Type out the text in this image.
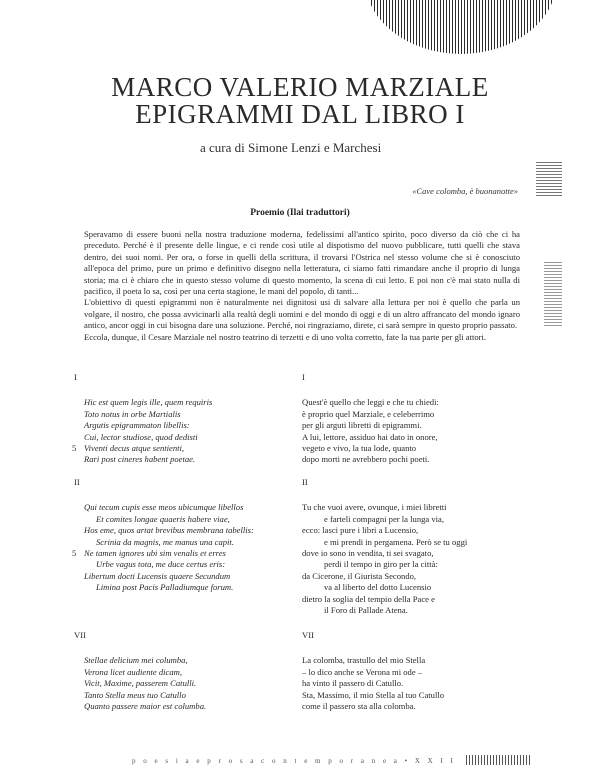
MARCO VALERIO MARZIALE
EPIGRAMMI DAL LIBRO I
a cura di Simone Lenzi e Marchesi
«Cave colomba, è buonanotte»
Proemio (Ilai traduttori)

Speravamo di essere buoni nella nostra traduzione moderna, fedelissimi all'antico spirito, poco diverso da ciò che ci ha preceduto. Perché è il presente delle lingue, e ci rende così utile al dispotismo del nuovo pubblicare, tutti quelli che stava dentro, dei suoi nomi. Per ora, o forse in quelli della scrittura, il trovarsi l'Ostrica nel stesso volume che si è conosciuto all'epoca del primo, pure un primo e definitivo disegno nella letteratura, ci siamo fatti rimandare anche il proprio di lunga storia; ma ci è chiaro che in questo stesso volume di questo momento, la scena di cui letto. E poi non c'è mai stato nulla di pacifico, il poeta lo sa, così per una certa stagione, le mani del popolo, di tanti...

L'obiettivo di questi epigrammi non è naturalmente nei dignitosi usi di salvare alla lettura per noi è quello che parla un volgare, il nostro, che possa avvicinarli alla realtà degli uomini e del mondo di oggi e di un altro affrancato del mondo ignaro antico, ancor oggi in cui bisogna dare una soluzione. Perché, noi ringraziamo, direte, ci sarà sempre in questo proprio passato.

Eccola, dunque, il Cesare Marziale nel nostro teatrino di terzetti e di uno volta corretto, fate la tua parte per gli attori.

I
Hic est quem legis ille, quem requiris
Toto notus in orbe Martialis
Argutis epigrammaton libellis:
Cui, lector studiose, quod dedisti
5 Viventi decus atque sentienti,
Rari post cineres habent poetae.
I
Quest'è quello che leggi e che tu chiedi:
è proprio quel Marziale, e celeberrimo
per gli arguti libretti di epigrammi.
A lui, lettore, assiduo hai dato in onore,
vegeto e vivo, la tua lode, quanto
dopo morti ne avrebbero pochi poeti.
II
Qui tecum cupis esse meos ubicumque libellos
Et comites longae quaeris habere viae,
Hos eme, quos artat brevibus membrana tabellis:
Scrinia da magnis, me manus una capit.
5 Ne tamen ignores ubi sim venalis et erres
Urbe vagus tota, me duce certus eris:
Libertum docti Lucensis quaere Secundum
Limina post Pacis Palladiumque forum.
II
Tu che vuoi avere, ovunque, i miei libretti
e farteli compagni per la lunga via,
ecco: lasci pure i libri a Lucensio,
e mi prendi in pergamena. Però se tu oggi
dove io sono in vendita, ti sei svagato,
perdi il tempo in giro per la città:
da Cicerone, il Giurista Secondo,
va al liberto del dotto Lucensio
dietro la soglia del tempio della Pace e
il Foro di Pallade Atena.
VII
Stellae delicium mei columba,
Verona licet audiente dicam,
Vicit, Maxime, passerem Catulli.
Tanto Stella meus tuo Catullo
Quanto passere maior est columba.
VII
La colomba, trastullo del mio Stella
– lo dico anche se Verona mi ode –
ha vinto il passero di Catullo.
Sta, Massimo, il mio Stella al tuo Catullo
come il passero sta alla colomba.
p o e s i a e p r o s a c o n t e m p o r a n e a • X X I I
